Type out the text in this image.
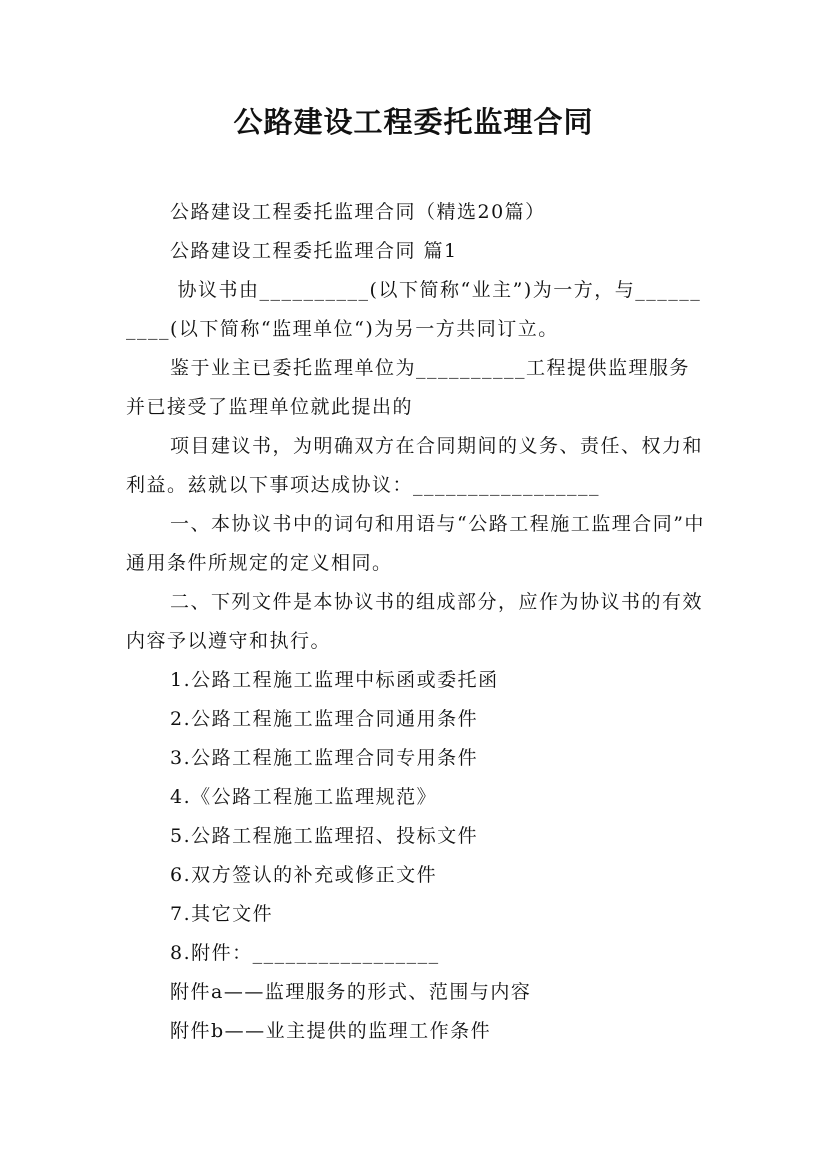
公路建设工程委托监理合同

公路建设工程委托监理合同（精选20篇）

公路建设工程委托监理合同 篇1

协议书由__________(以下简称“业主”)为一方，与__________(以下简称“监理单位“)为另一方共同订立。

鉴于业主已委托监理单位为__________工程提供监理服务并已接受了监理单位就此提出的

项目建议书，为明确双方在合同期间的义务、责任、权力和利益。兹就以下事项达成协议：_________________

一、本协议书中的词句和用语与“公路工程施工监理合同”中通用条件所规定的定义相同。

二、下列文件是本协议书的组成部分，应作为协议书的有效内容予以遵守和执行。

1.公路工程施工监理中标函或委托函

2.公路工程施工监理合同通用条件

3.公路工程施工监理合同专用条件

4.《公路工程施工监理规范》

5.公路工程施工监理招、投标文件

6.双方签认的补充或修正文件

7.其它文件

8.附件：_________________

附件a——监理服务的形式、范围与内容

附件b——业主提供的监理工作条件
